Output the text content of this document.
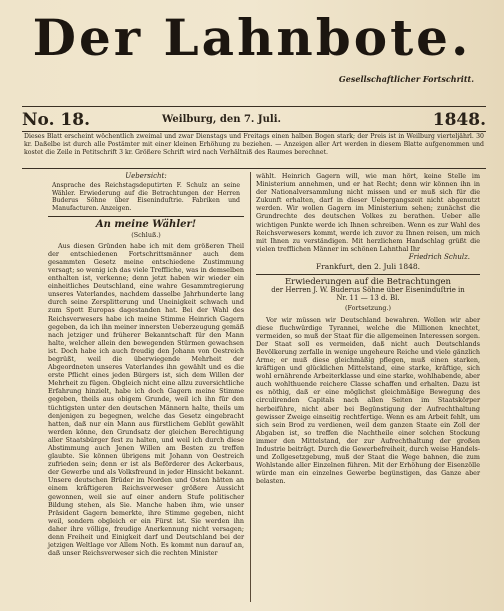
Der Lahnbote.
Gesellschaftlicher Fortschritt.
No. 18.	Weilburg, den 7. Juli.	1848.
Dieses Blatt erscheint wöchentlich zweimal und zwar Dienstags und Freitags einen halben Bogen stark; der Preis ist in Weilburg vierteljährl. 30 kr. Daßelbe ist durch alle Postämter mit einer kleinen Erhöhung zu beziehen. — Anzeigen aller Art werden in diesem Blatte aufgenommen und kostet die Zeile in Petitschrift 3 kr. Größere Schrift wird nach Verhältniß des Raumes berechnet.
Uebersicht:
Ansprache des Reichstagsdeputirten F. Schulz an seine Wähler. Erwiederung auf die Betrachtungen der Herren Buderus Söhne über Eiseninduſtrie. Fabriken und Manufacturen. Anzeigen.
An meine Wähler!
(Schluß.)

Aus diesen Gründen habe ich mit dem größeren Theil der entschiedenen Fortschrittsmänner auch dem gesammten Gesetz meine entschiedene Zustimmung versagt; so wenig ich das viele Treffliche, was in demselben enthalten ist, verkenne; denn jetzt haben wir wieder ein einheitliches Deutschland, eine wahre Gesammtregierung unseres Vaterlandes, nachdem dasselbe Jahrhunderte lang durch seine Zersplitterung und Uneinigkeit schwach und zum Spott Europas dagestanden hat. Bei der Wahl des Reichsverwesers habe ich meine Stimme Heinrich Gagern gegeben, da ich ihn meiner innersten Ueberzeugung gemäß nach jetziger und früherer Bekanntschaft für den Mann halte, welcher allein den bewegenden Stürmen gewachsen ist. Doch habe ich auch freudig den Johann von Oestreich begrüßt, weil die überwiegende Mehrheit der Abgeordneten unseres Vaterlandes ihn gewählt und es die erste Pflicht eines jeden Bürgers ist, sich dem Willen der Mehrheit zu fügen. Obgleich nicht eine allzu zuversichtliche Erfahrung hinzielt, habe ich doch Gagern meine Stimme gegeben, theils aus obigem Grunde, weil ich ihn für den tüchtigsten unter den deutschen Männern halte, theils um denjenigen zu begegnen, welche das Gesetz eingebracht hatten, daß nur ein Mann aus fürstlichem Geblüt gewählt werden könne, den Grundsatz der gleichen Berechtigung aller Staatsbürger fest zu halten, und weil ich durch diese Abstimmung auch Jenen Willen am Besten zu treffen glaubte. Sie können übrigens mit Johann von Oestreich zufrieden sein; denn er ist als Beförderer des Ackerbaus, der Gewerbe und als Volksfreund in jeder Hinsicht bekannt. Unsere deutschen Brüder im Norden und Osten hätten an einem kräftigeren Reichsverweser größere Aussicht gewonnen, weil sie auf einer andern Stufe politischer Bildung stehen, als Sie. Manche haben ihm, wie unser Präsident Gagern bemerkte, ihre Stimme gegeben, nicht weil, sondern obgleich er ein Fürst ist. Sie werden ihn daher ihre völlige, freudige Anerkennung nicht versagen; denn Freiheit und Einigkeit darf und Deutschland bei der jetzigen Weltlage vor Allem Noth. Es kommt nun darauf an, daß unser Reichsverweser sich die rechten Minister

wählt. Heinrich Gagern will, wie man hört, keine Stelle im Ministerium annehmen, und er hat Recht; denn wir können ihn in der Nationalversammlung nicht missen und er muß sich für die Zukunft erhalten, darf in dieser Uebergangszeit nicht abgenutzt werden. Wir wollen Gagern im Ministerium sehen; zunächst die Grundrechte des deutschen Volkes zu berathen. Ueber alle wichtigen Punkte werde ich Ihnen schreiben. Wenn es zur Wahl des Reichsverwesers kommt, werde ich zuvor zu Ihnen reisen, um mich mit Ihnen zu verständigen. Mit herzlichem Handschlag grüßt die vielen trefflichen Männer im schönen Lahnthal Ihr

Friedrich Schulz.
Frankfurt, den 2. Juli 1848.
Erwiederungen auf die Betrachtungen
der Herren J. W. Buderus Söhne über Eiseninduſtrie in
Nr. 11 — 13 d. Bl.
(Fortsetzung.)

Vor wir müssen wir Deutschland bewahren. Wollen wir aber diese fluchwürdige Tyrannei, welche die Millionen knechtet, vermeiden, so muß der Staat für die allgemeinen Interessen sorgen. Der Staat soll es vermeiden, daß nicht auch Deutschlands Bevölkerung zerfalle in wenige ungeheure Reiche und viele gänzlich Arme; er muß diese gleichmäßig pflegen, muß einen starken, kräftigen und glücklichen Mittelstand, eine starke, kräftige, sich wohl ernährende Arbeiterklasse und eine starke, wohlhabende, aber auch wohlthuende reichere Classe schaffen und erhalten. Dazu ist es nöthig, daß er eine möglichst gleichmäßige Bewegung des circulirenden Capitals nach allen Seiten im Staatskörper herbeiführe, nicht aber bei Begünstigung der Aufrechthaltung gewisser Zweige einseitig rechtfertige. Wenn es am Arbeit fehlt, um sich sein Brod zu verdienen, weil dem ganzen Staate ein Zoll der Abgaben ist, so treffen die Nachtheile einer solchen Stockung immer den Mittelstand, der zur Aufrechthaltung der großen Industrie beiträgt. Durch die Gewerbefreiheit, durch weise Handels- und Zollgesetzgebung, muß der Staat die Wege bahnen, die zum Wohlstande aller Einzelnen führen. Mit der Erhöhung der Eisenzölle würde man ein einzelnes Gewerbe begünstigen, das Ganze aber belasten.
